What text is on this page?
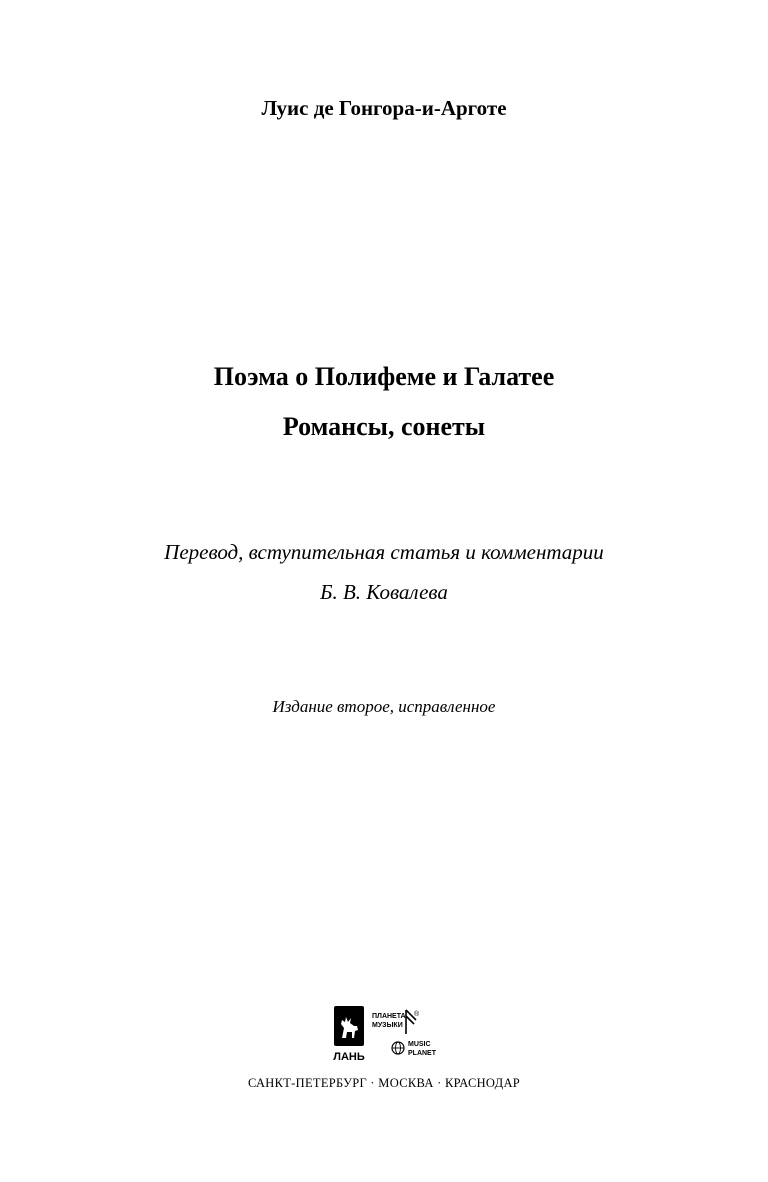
Луис де Гонгора-и-Арготе
Поэма о Полифеме и Галатее
Романсы, сонеты
Перевод, вступительная статья и комментарии
Б. В. Ковалева
Издание второе, исправленное
ЛАНЬ
ПЛАНЕТА
МУЗЫКИ
®
MUSIC
PLANET
САНКТ-ПЕТЕРБУРГ · МОСКВА · КРАСНОДАР
